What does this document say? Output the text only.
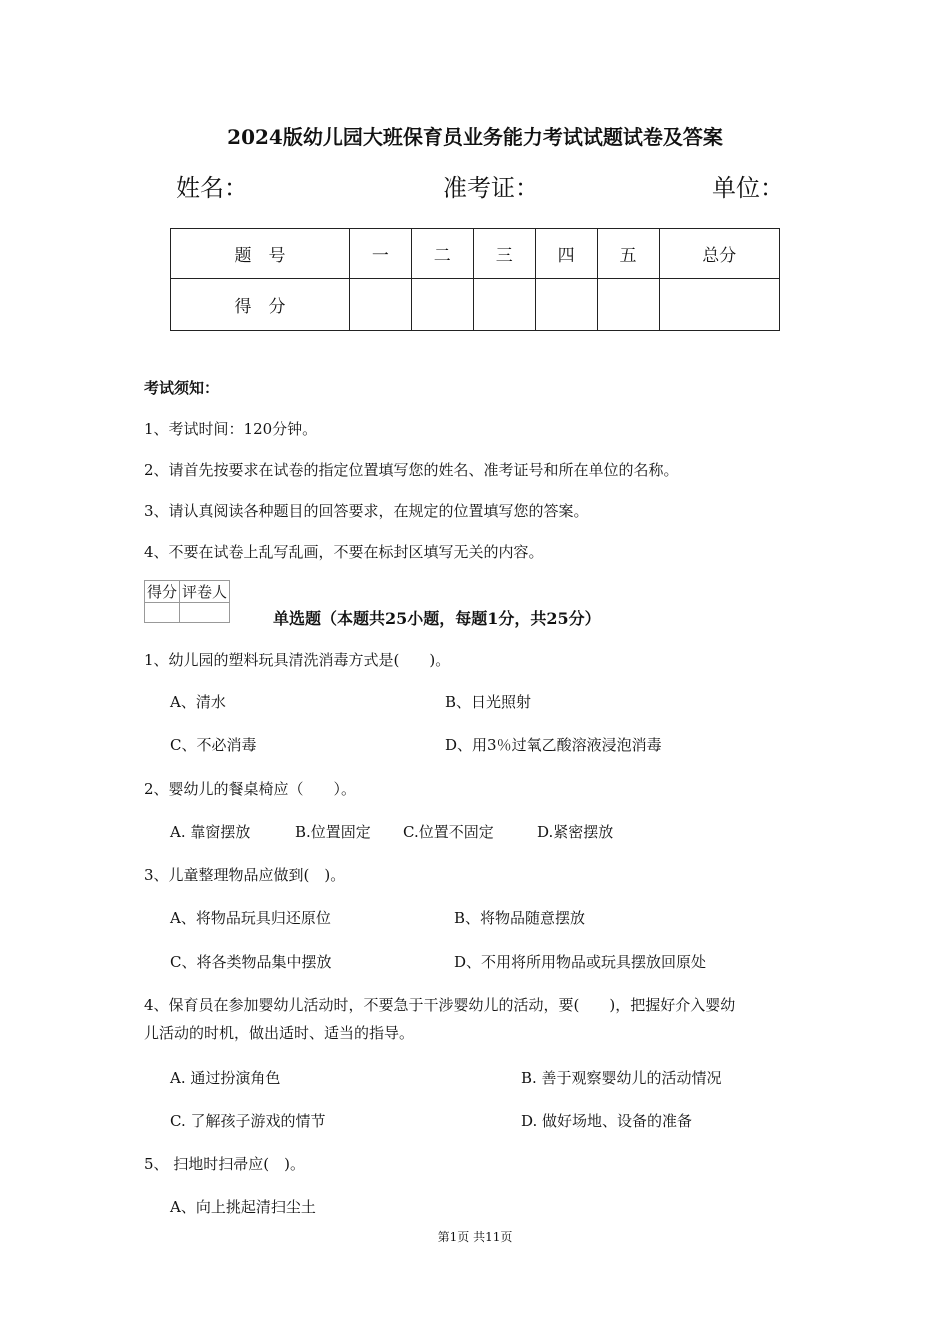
2024版幼儿园大班保育员业务能力考试试题试卷及答案
姓名：	准考证：	单位：
题　号	一	二	三	四	五	总分
得　分						
考试须知：
1、考试时间：120分钟。
2、请首先按要求在试卷的指定位置填写您的姓名、准考证号和所在单位的名称。
3、请认真阅读各种题目的回答要求，在规定的位置填写您的答案。
4、不要在试卷上乱写乱画，不要在标封区填写无关的内容。
得分	评卷人

单选题（本题共25小题，每题1分，共25分）
1、幼儿园的塑料玩具清洗消毒方式是(　　)。
A、清水	B、日光照射
C、不必消毒	D、用3％过氧乙酸溶液浸泡消毒
2、婴幼儿的餐桌椅应（　　）。
A. 靠窗摆放	B.位置固定 C.位置不固定	D.紧密摆放
3、儿童整理物品应做到(　)。
A、将物品玩具归还原位	B、将物品随意摆放
C、将各类物品集中摆放	D、不用将所用物品或玩具摆放回原处
4、保育员在参加婴幼儿活动时，不要急于干涉婴幼儿的活动，要(　　)，把握好介入婴幼
儿活动的时机，做出适时、适当的指导。
A. 通过扮演角色	B. 善于观察婴幼儿的活动情况
C. 了解孩子游戏的情节	D. 做好场地、设备的准备
5、 扫地时扫帚应(　)。
A、向上挑起清扫尘土
第1页 共11页
